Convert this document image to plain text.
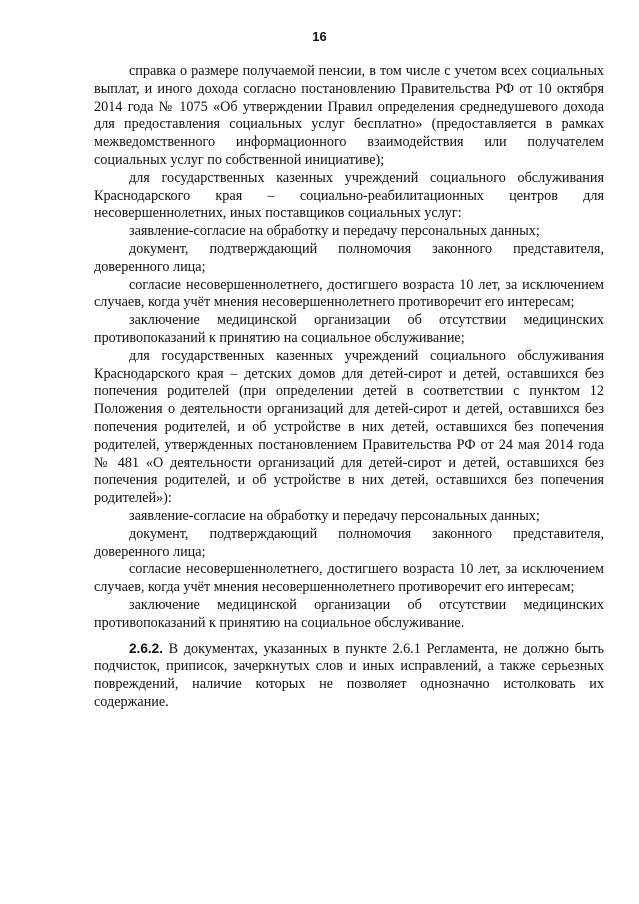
16

справка о размере получаемой пенсии, в том числе с учетом всех социальных выплат, и иного дохода согласно постановлению Правительства РФ от 10 октября 2014 года № 1075 «Об утверждении Правил определения среднедушевого дохода для предоставления социальных услуг бесплатно» (предоставляется в рамках межведомственного информационного взаимодействия или получателем социальных услуг по собственной инициативе);

для государственных казенных учреждений социального обслуживания Краснодарского края – социально-реабилитационных центров для несовершеннолетних, иных поставщиков социальных услуг:

заявление-согласие на обработку и передачу персональных данных;

документ, подтверждающий полномочия законного представителя, доверенного лица;

согласие несовершеннолетнего, достигшего возраста 10 лет, за исключением случаев, когда учёт мнения несовершеннолетнего противоречит его интересам;

заключение медицинской организации об отсутствии медицинских противопоказаний к принятию на социальное обслуживание;

для государственных казенных учреждений социального обслуживания Краснодарского края – детских домов для детей-сирот и детей, оставшихся без попечения родителей (при определении детей в соответствии с пунктом 12 Положения о деятельности организаций для детей-сирот и детей, оставшихся без попечения родителей, и об устройстве в них детей, оставшихся без попечения родителей, утвержденных постановлением Правительства РФ от 24 мая 2014 года № 481 «О деятельности организаций для детей-сирот и детей, оставшихся без попечения родителей, и об устройстве в них детей, оставшихся без попечения родителей»):

заявление-согласие на обработку и передачу персональных данных;

документ, подтверждающий полномочия законного представителя, доверенного лица;

согласие несовершеннолетнего, достигшего возраста 10 лет, за исключением случаев, когда учёт мнения несовершеннолетнего противоречит его интересам;

заключение медицинской организации об отсутствии медицинских противопоказаний к принятию на социальное обслуживание.

2.6.2. В документах, указанных в пункте 2.6.1 Регламента, не должно быть подчисток, приписок, зачеркнутых слов и иных исправлений, а также серьезных повреждений, наличие которых не позволяет однозначно истолковать их содержание.
